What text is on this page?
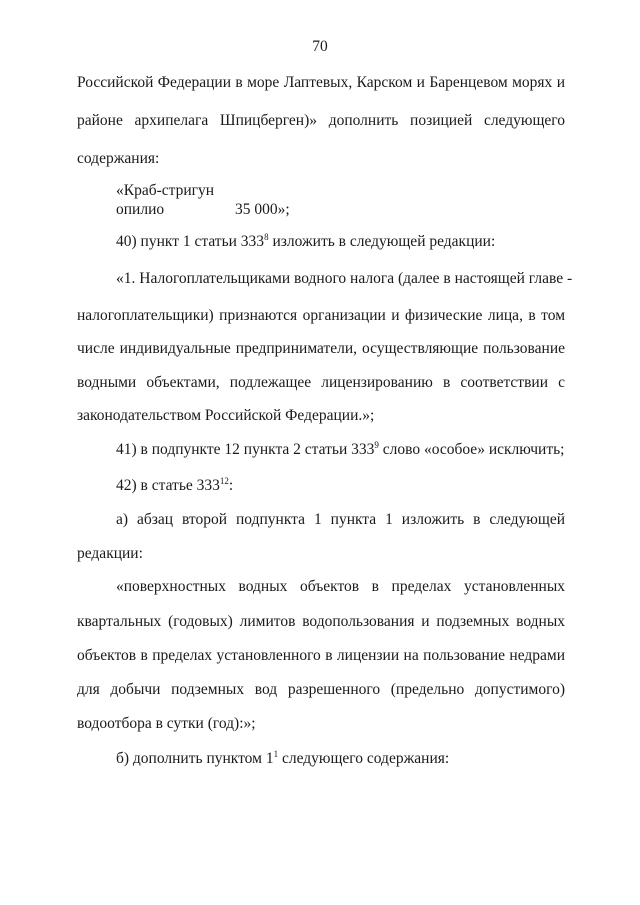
70
Российской Федерации в море Лаптевых, Карском и Баренцевом морях и
районе архипелага Шпицберген)» дополнить позицией следующего
содержания:
«Краб-стригун
опилио	35 000»;
40) пункт 1 статьи $333^8$ изложить в следующей редакции:
«1. Налогоплательщиками водного налога (далее в настоящей главе -
налогоплательщики) признаются организации и физические лица, в том
числе индивидуальные предприниматели, осуществляющие пользование
водными объектами, подлежащее лицензированию в соответствии с
законодательством Российской Федерации.»;
41) в подпункте 12 пункта 2 статьи $333^9$ слово «особое» исключить;
42) в статье $333^{12}$:
а) абзац второй подпункта 1 пункта 1 изложить в следующей
редакции:
«поверхностных водных объектов в пределах установленных
квартальных (годовых) лимитов водопользования и подземных водных
объектов в пределах установленного в лицензии на пользование недрами
для добычи подземных вод разрешенного (предельно допустимого)
водоотбора в сутки (год):»;
б) дополнить пунктом $1^1$ следующего содержания:
